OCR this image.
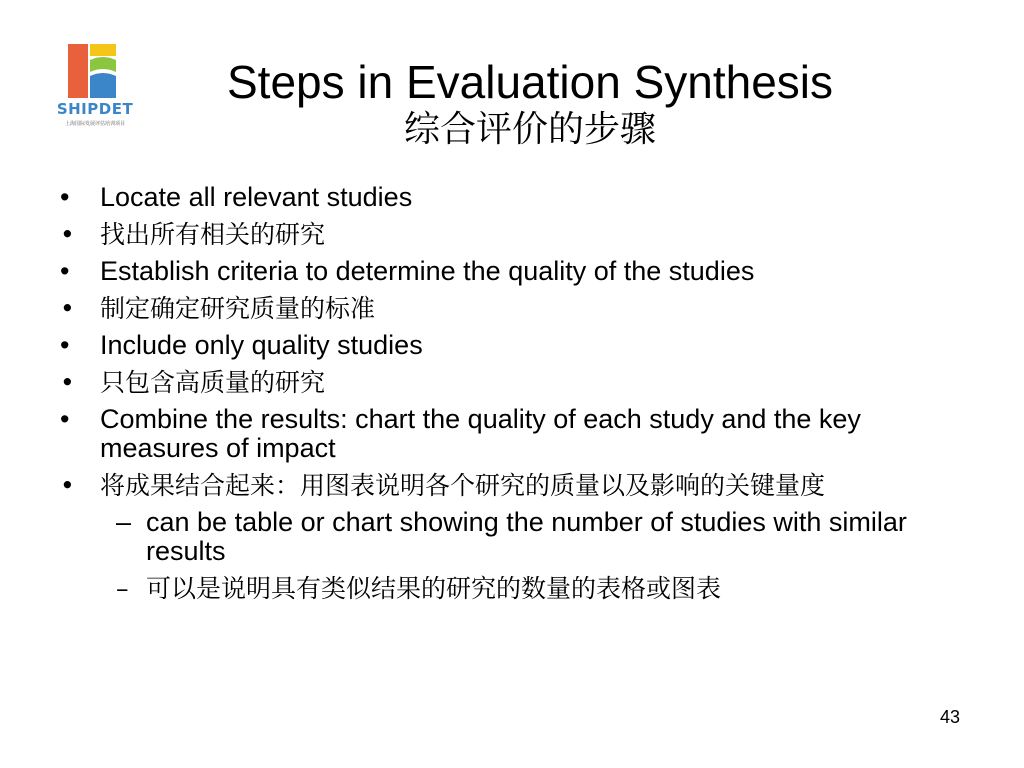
SHIPDET
上海国际发展评估培训项目
Steps in Evaluation Synthesis
综合评价的步骤
• Locate all relevant studies
• 找出所有相关的研究
• Establish criteria to determine the quality of the studies
• 制定确定研究质量的标准
• Include only quality studies
• 只包含高质量的研究
• Combine the results: chart the quality of each study and the key measures of impact
• 将成果结合起来：用图表说明各个研究的质量以及影响的关键量度
– can be table or chart showing the number of studies with similar results
– 可以是说明具有类似结果的研究的数量的表格或图表
43
